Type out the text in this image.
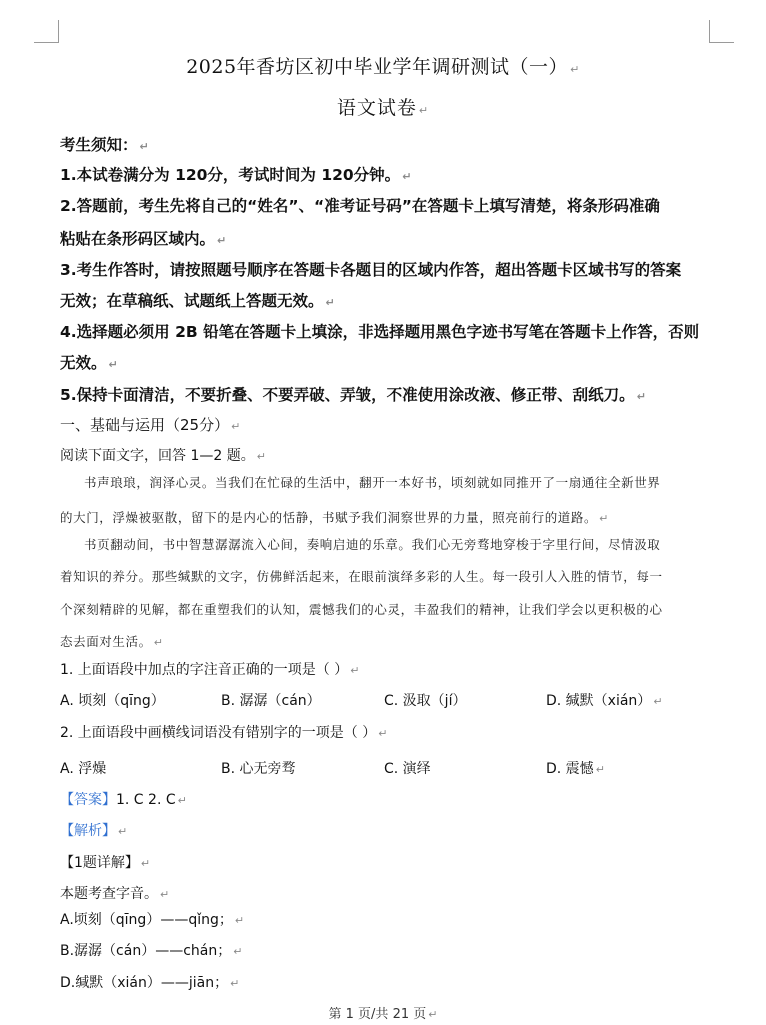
2025年香坊区初中毕业学年调研测试（一） ↵
语文试卷 ↵
考生须知： ↵
1.本试卷满分为 120分，考试时间为 120分钟。 ↵
2.答题前，考生先将自己的“姓名”、“准考证号码”在答题卡上填写清楚，将条形码准确
粘贴在条形码区域内。 ↵
3.考生作答时，请按照题号顺序在答题卡各题目的区域内作答，超出答题卡区域书写的答案
无效；在草稿纸、试题纸上答题无效。 ↵
4.选择题必须用 2B 铅笔在答题卡上填涂，非选择题用黑色字迹书写笔在答题卡上作答，否则
无效。 ↵
5.保持卡面清洁，不要折叠、不要弄破、弄皱，不准使用涂改液、修正带、刮纸刀。 ↵
一、基础与运用（25分） ↵
阅读下面文字，回答 1—2 题。 ↵
书声琅琅，润泽心灵。当我们在忙碌的生活中，翻开一本好书，顷刻就如同推开了一扇通往全新世界
的大门，浮燥被驱散，留下的是内心的恬静，书赋予我们洞察世界的力量，照亮前行的道路。 ↵
书页翻动间，书中智慧潺潺流入心间，奏响启迪的乐章。我们心无旁骛地穿梭于字里行间，尽情汲取
着知识的养分。那些缄默的文字，仿佛鲜活起来，在眼前演绎多彩的人生。每一段引人入胜的情节，每一
个深刻精辟的见解，都在重塑我们的认知，震憾我们的心灵，丰盈我们的精神，让我们学会以更积极的心
态去面对生活。 ↵
1. 上面语段中加点的字注音正确的一项是（ ） ↵
A. 顷刻（qīng）	B. 潺潺（cán）	C. 汲取（jí）	D. 缄默（xián） ↵
2. 上面语段中画横线词语没有错别字的一项是（ ） ↵
A. 浮燥	B. 心无旁骛	C. 演绎	D. 震憾 ↵
【答案】1. C 2. C ↵
【解析】 ↵
【1题详解】 ↵
本题考查字音。 ↵
A.顷刻（qīng）——qǐng； ↵
B.潺潺（cán）——chán； ↵
D.缄默（xián）——jiān； ↵
第 1 页/共 21 页 ↵
